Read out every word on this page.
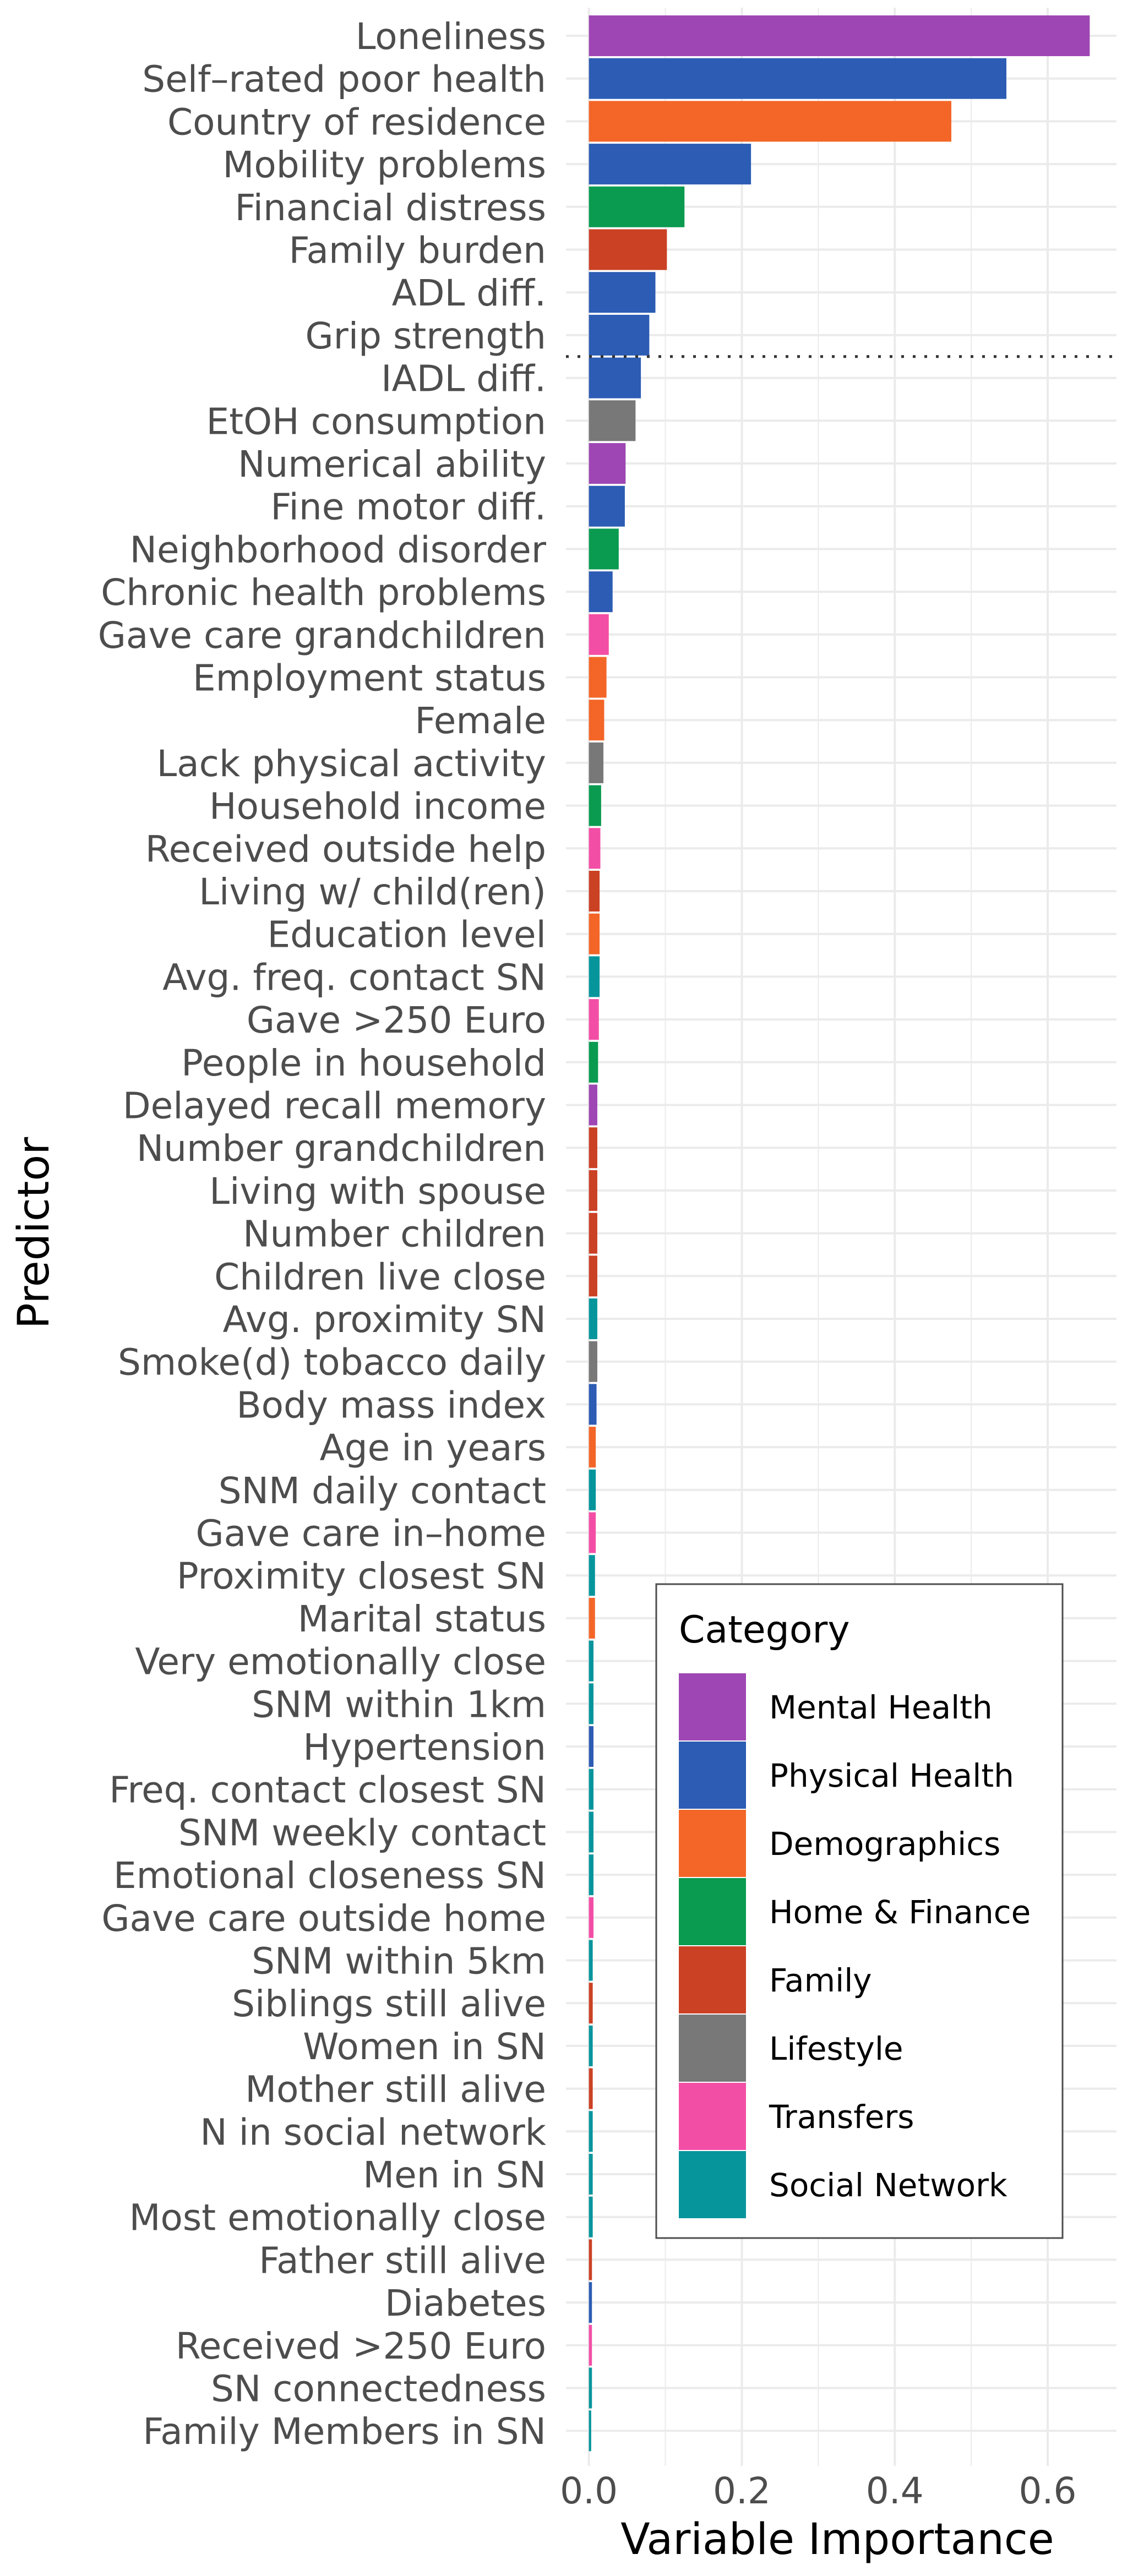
Loneliness
Self–rated poor health
Country of residence
Mobility problems
Financial distress
Family burden
ADL diff.
Grip strength
IADL diff.
EtOH consumption
Numerical ability
Fine motor diff.
Neighborhood disorder
Chronic health problems
Gave care grandchildren
Employment status
Female
Lack physical activity
Household income
Received outside help
Living w/ child(ren)
Education level
Avg. freq. contact SN
Gave >250 Euro
People in household
Delayed recall memory
Number grandchildren
Living with spouse
Number children
Children live close
Avg. proximity SN
Smoke(d) tobacco daily
Body mass index
Age in years
SNM daily contact
Gave care in–home
Proximity closest SN
Marital status
Very emotionally close
SNM within 1km
Hypertension
Freq. contact closest SN
SNM weekly contact
Emotional closeness SN
Gave care outside home
SNM within 5km
Siblings still alive
Women in SN
Mother still alive
N in social network
Men in SN
Most emotionally close
Father still alive
Diabetes
Received >250 Euro
SN connectedness
Family Members in SN
0.0	0.2	0.4	0.6
Variable Importance
Predictor
Category
Mental Health
Physical Health
Demographics
Home & Finance
Family
Lifestyle
Transfers
Social Network
